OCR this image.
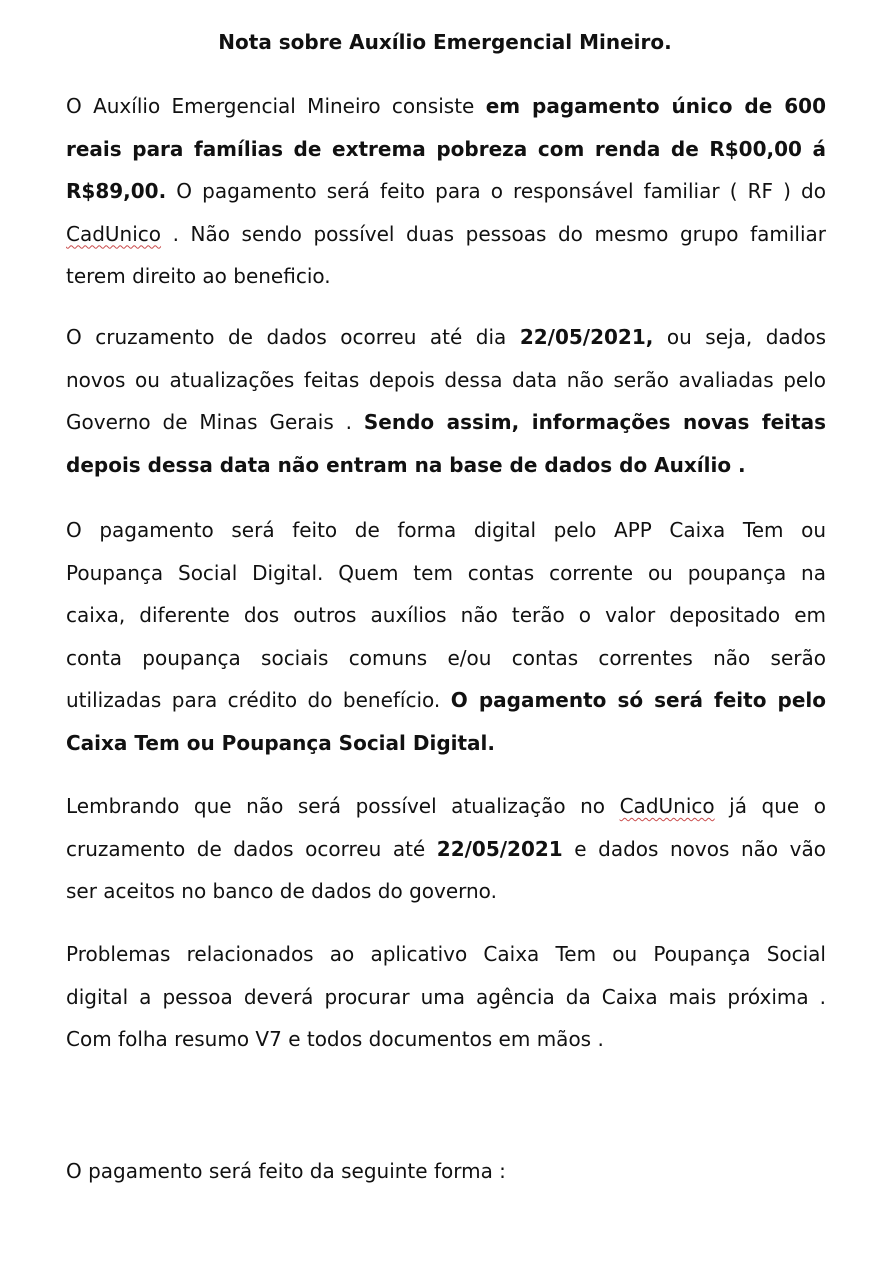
Nota sobre Auxílio Emergencial Mineiro.
O Auxílio Emergencial Mineiro consiste em pagamento único de 600
reais para famílias de extrema pobreza com renda de R$00,00 á
R$89,00. O pagamento será feito para o responsável familiar ( RF ) do
CadUnico . Não sendo possível duas pessoas do mesmo grupo familiar
terem direito ao beneficio.
O cruzamento de dados ocorreu até dia 22/05/2021, ou seja, dados
novos ou atualizações feitas depois dessa data não serão avaliadas pelo
Governo de Minas Gerais . Sendo assim, informações novas feitas
depois dessa data não entram na base de dados do Auxílio .
O pagamento será feito de forma digital pelo APP Caixa Tem ou
Poupança Social Digital. Quem tem contas corrente ou poupança na
caixa, diferente dos outros auxílios não terão o valor depositado em
conta poupança sociais comuns e/ou contas correntes não serão
utilizadas para crédito do benefício. O pagamento só será feito pelo
Caixa Tem ou Poupança Social Digital.
Lembrando que não será possível atualização no CadUnico já que o
cruzamento de dados ocorreu até 22/05/2021 e dados novos não vão
ser aceitos no banco de dados do governo.
Problemas relacionados ao aplicativo Caixa Tem ou Poupança Social
digital a pessoa deverá procurar uma agência da Caixa mais próxima .
Com folha resumo V7 e todos documentos em mãos .
O pagamento será feito da seguinte forma :
